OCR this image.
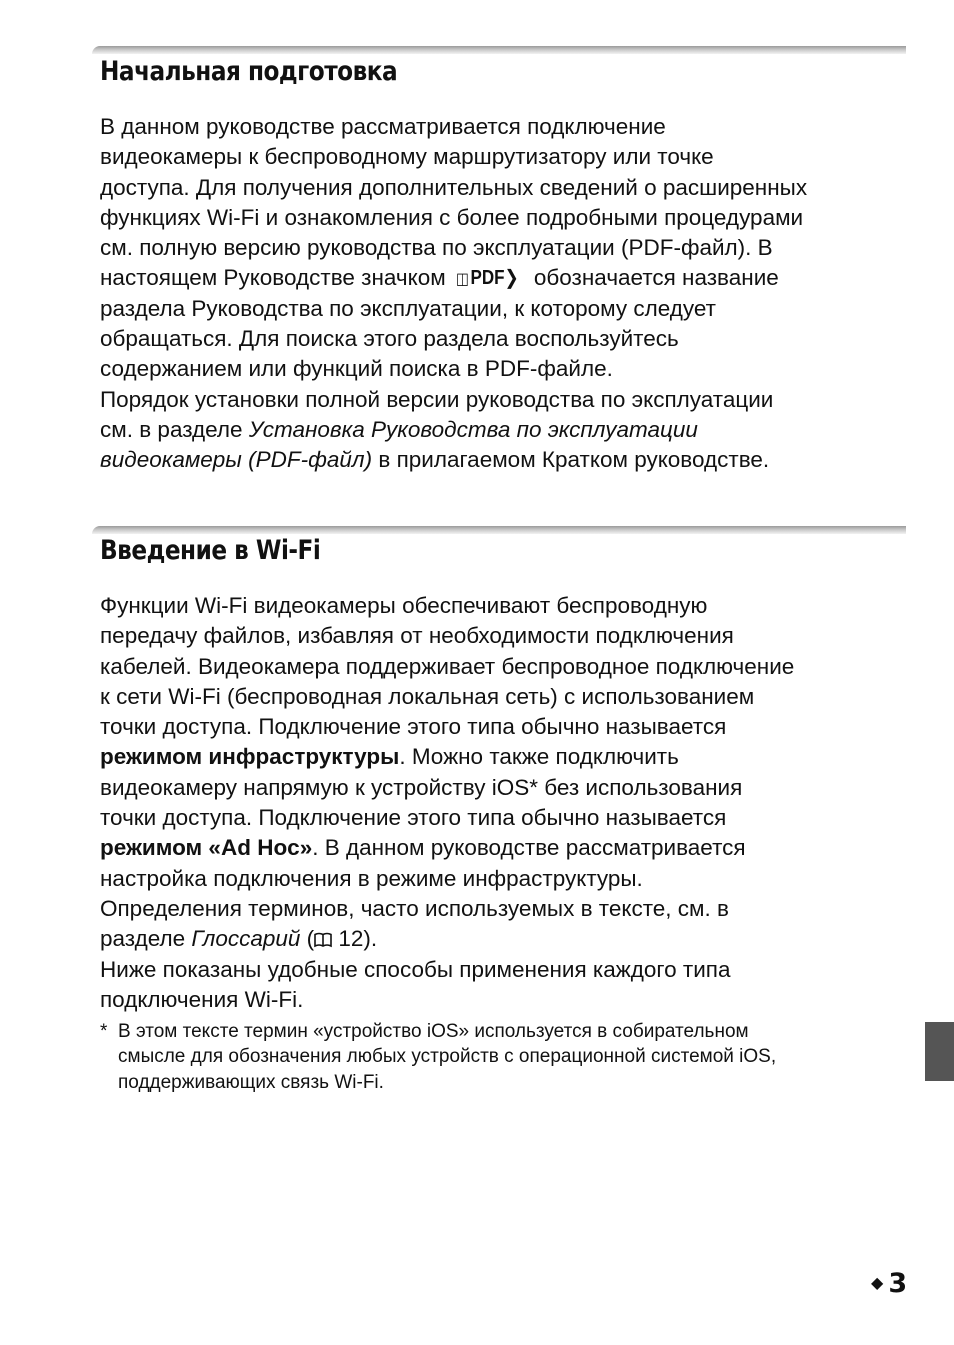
Начальная подготовка
В данном руководстве рассматривается подключение
видеокамеры к беспроводному маршрутизатору или точке
доступа. Для получения дополнительных сведений о расширенных
функциях Wi-Fi и ознакомления с более подробными процедурами
см. полную версию руководства по эксплуатации (PDF-файл). В
настоящем Руководстве значком ◫PDF❯ обозначается название
раздела Руководства по эксплуатации, к которому следует
обращаться. Для поиска этого раздела воспользуйтесь
содержанием или функций поиска в PDF-файле.
Порядок установки полной версии руководства по эксплуатации
см. в разделе Установка Руководства по эксплуатации
видеокамеры (PDF-файл) в прилагаемом Кратком руководстве.
Введение в Wi-Fi
Функции Wi-Fi видеокамеры обеспечивают беспроводную
передачу файлов, избавляя от необходимости подключения
кабелей. Видеокамера поддерживает беспроводное подключение
к сети Wi-Fi (беспроводная локальная сеть) с использованием
точки доступа. Подключение этого типа обычно называется
режимом инфраструктуры. Можно также подключить
видеокамеру напрямую к устройству iOS* без использования
точки доступа. Подключение этого типа обычно называется
режимом «Ad Hoc». В данном руководстве рассматривается
настройка подключения в режиме инфраструктуры.
Определения терминов, часто используемых в тексте, см. в
разделе Глоссарий ( 12).
Ниже показаны удобные способы применения каждого типа
подключения Wi-Fi.
* В этом тексте термин «устройство iOS» используется в собирательном
смысле для обозначения любых устройств с операционной системой iOS,
поддерживающих связь Wi-Fi.
◆ 3
